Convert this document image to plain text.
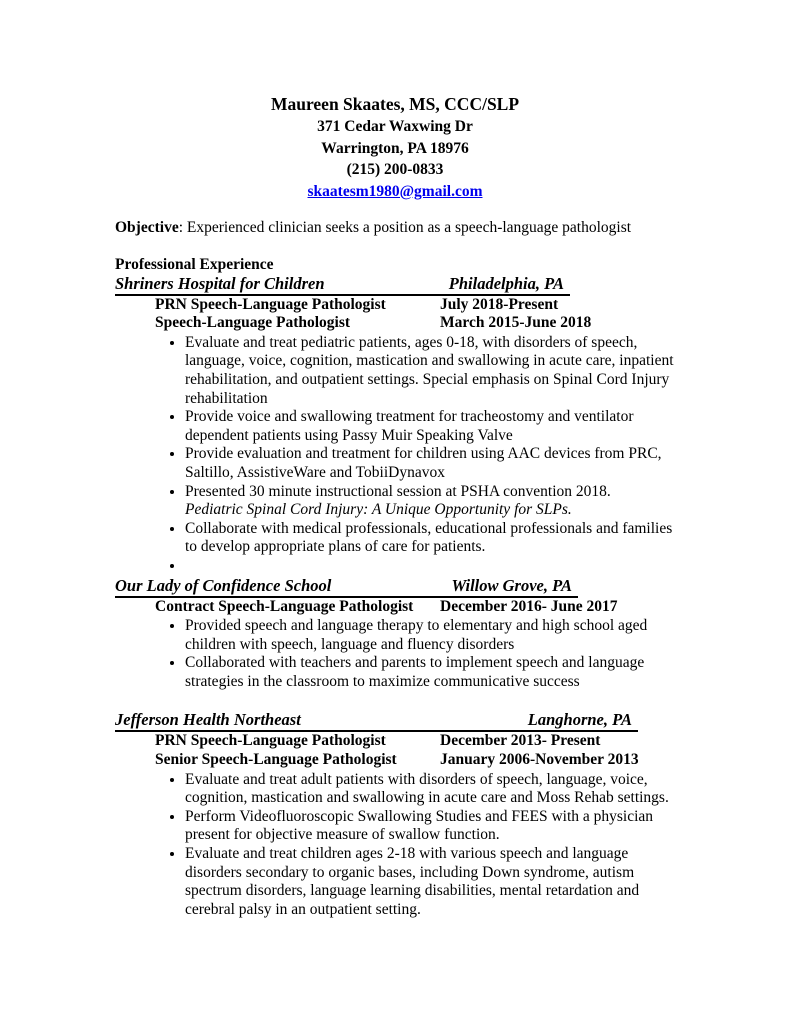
Maureen Skaates, MS, CCC/SLP
371 Cedar Waxwing Dr
Warrington, PA 18976
(215) 200-0833
skaatesm1980@gmail.com

Objective: Experienced clinician seeks a position as a speech-language pathologist

Professional Experience
Shriners Hospital for Children	Philadelphia, PA
PRN Speech-Language Pathologist	July 2018-Present
Speech-Language Pathologist	March 2015-June 2018
• Evaluate and treat pediatric patients, ages 0-18, with disorders of speech, language, voice, cognition, mastication and swallowing in acute care, inpatient rehabilitation, and outpatient settings. Special emphasis on Spinal Cord Injury rehabilitation
• Provide voice and swallowing treatment for tracheostomy and ventilator dependent patients using Passy Muir Speaking Valve
• Provide evaluation and treatment for children using AAC devices from PRC, Saltillo, AssistiveWare and TobiiDynavox
• Presented 30 minute instructional session at PSHA convention 2018.
Pediatric Spinal Cord Injury: A Unique Opportunity for SLPs.
• Collaborate with medical professionals, educational professionals and families to develop appropriate plans of care for patients.
•
Our Lady of Confidence School	Willow Grove, PA
Contract Speech-Language Pathologist	December 2016- June 2017
• Provided speech and language therapy to elementary and high school aged children with speech, language and fluency disorders
• Collaborated with teachers and parents to implement speech and language strategies in the classroom to maximize communicative success
Jefferson Health Northeast	Langhorne, PA
PRN Speech-Language Pathologist	December 2013- Present
Senior Speech-Language Pathologist	January 2006-November 2013
• Evaluate and treat adult patients with disorders of speech, language, voice, cognition, mastication and swallowing in acute care and Moss Rehab settings.
• Perform Videofluoroscopic Swallowing Studies and FEES with a physician present for objective measure of swallow function.
• Evaluate and treat children ages 2-18 with various speech and language disorders secondary to organic bases, including Down syndrome, autism spectrum disorders, language learning disabilities, mental retardation and cerebral palsy in an outpatient setting.
